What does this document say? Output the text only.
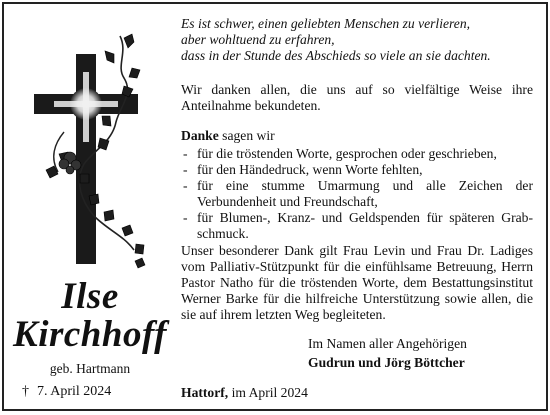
Ilse
Kirchhoff
geb. Hartmann
† 7. April 2024
Es ist schwer, einen geliebten Menschen zu verlieren,
aber wohltuend zu erfahren,
dass in der Stunde des Abschieds so viele an sie dachten.
Wir danken allen, die uns auf so vielfältige Weise ihre Anteilnahme bekundeten.
Danke sagen wir
- für die tröstenden Worte, gesprochen oder geschrieben,
- für den Händedruck, wenn Worte fehlten,
- für eine stumme Umarmung und alle Zeichen der Verbundenheit und Freundschaft,
- für Blumen-, Kranz- und Geldspenden für späteren Grab-schmuck.
Unser besonderer Dank gilt Frau Levin und Frau Dr. Ladiges vom Palliativ-Stützpunkt für die einfühlsame Betreuung, Herrn Pastor Natho für die tröstenden Worte, dem Bestattungsinstitut Werner Barke für die hilfreiche Unterstützung sowie allen, die sie auf ihrem letzten Weg begleiteten.
Im Namen aller Angehörigen
Gudrun und Jörg Böttcher
Hattorf, im April 2024
